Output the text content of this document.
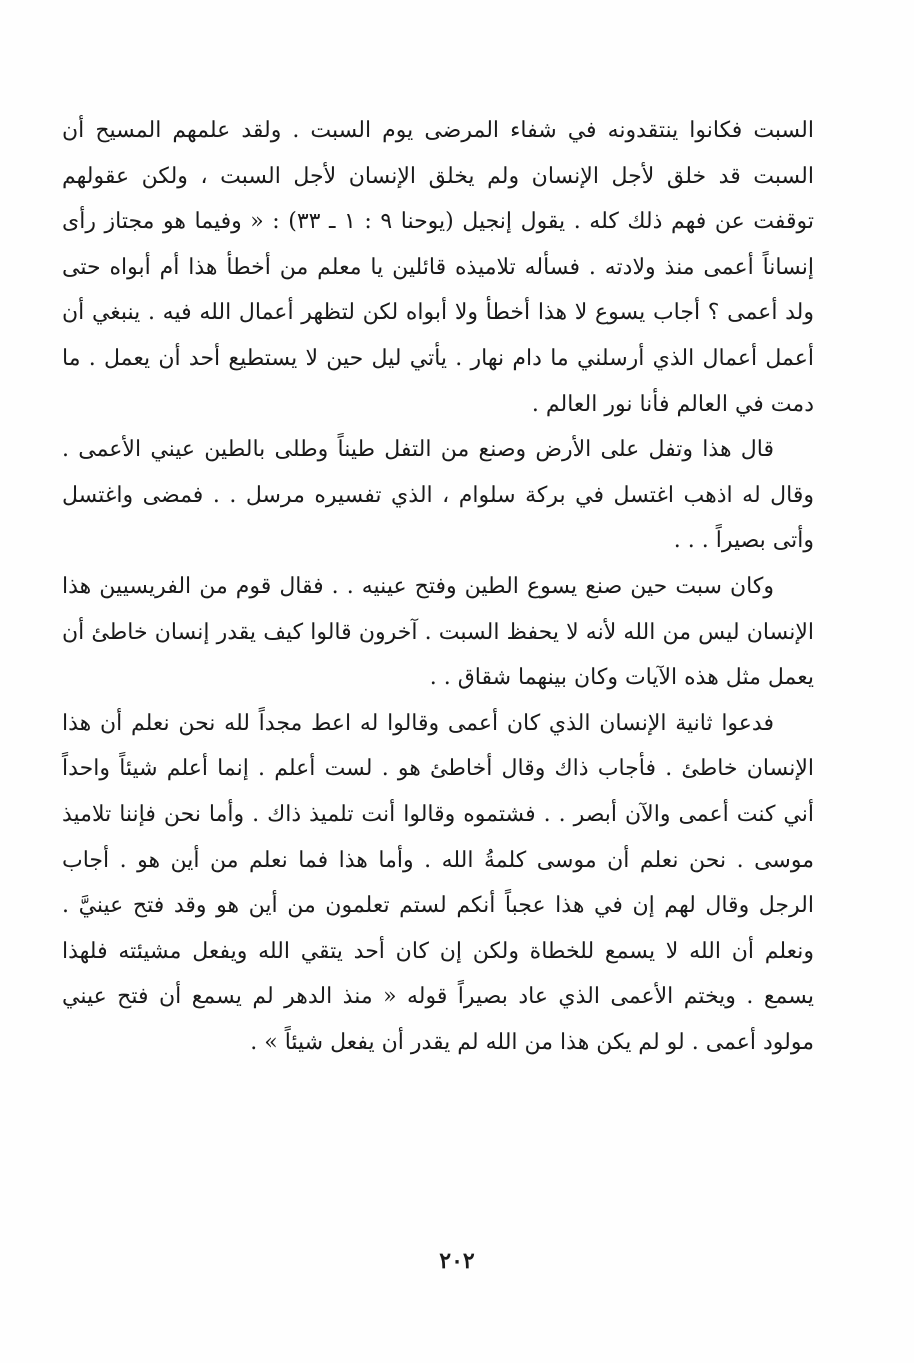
السبت فكانوا ينتقدونه في شفاء المرضى يوم السبت . ولقد علمهم المسيح أن السبت قد خلق لأجل الإنسان ولم يخلق الإنسان لأجل السبت ، ولكن عقولهم توقفت عن فهم ذلك كله . يقول إنجيل (يوحنا ٩ : ١ ـ ٣٣) : « وفيما هو مجتاز رأى إنساناً أعمى منذ ولادته . فسأله تلاميذه قائلين يا معلم من أخطأ هذا أم أبواه حتى ولد أعمى ؟ أجاب يسوع لا هذا أخطأ ولا أبواه لكن لتظهر أعمال الله فيه . ينبغي أن أعمل أعمال الذي أرسلني ما دام نهار . يأتي ليل حين لا يستطيع أحد أن يعمل . ما دمت في العالم فأنا نور العالم .

قال هذا وتفل على الأرض وصنع من التفل طيناً وطلى بالطين عيني الأعمى . وقال له اذهب اغتسل في بركة سلوام ، الذي تفسيره مرسل . . فمضى واغتسل وأتى بصيراً . . .

وكان سبت حين صنع يسوع الطين وفتح عينيه . . فقال قوم من الفريسيين هذا الإنسان ليس من الله لأنه لا يحفظ السبت . آخرون قالوا كيف يقدر إنسان خاطئ أن يعمل مثل هذه الآيات وكان بينهما شقاق . .

فدعوا ثانية الإنسان الذي كان أعمى وقالوا له اعط مجداً لله نحن نعلم أن هذا الإنسان خاطئ . فأجاب ذاك وقال أخاطئ هو . لست أعلم . إنما أعلم شيئاً واحداً أني كنت أعمى والآن أبصر . . فشتموه وقالوا أنت تلميذ ذاك . وأما نحن فإننا تلاميذ موسى . نحن نعلم أن موسى كلمةُ الله . وأما هذا فما نعلم من أين هو . أجاب الرجل وقال لهم إن في هذا عجباً أنكم لستم تعلمون من أين هو وقد فتح عينيَّ . ونعلم أن الله لا يسمع للخطاة ولكن إن كان أحد يتقي الله ويفعل مشيئته فلهذا يسمع . ويختم الأعمى الذي عاد بصيراً قوله « منذ الدهر لم يسمع أن فتح عيني مولود أعمى . لو لم يكن هذا من الله لم يقدر أن يفعل شيئاً » .

٢٠٢
